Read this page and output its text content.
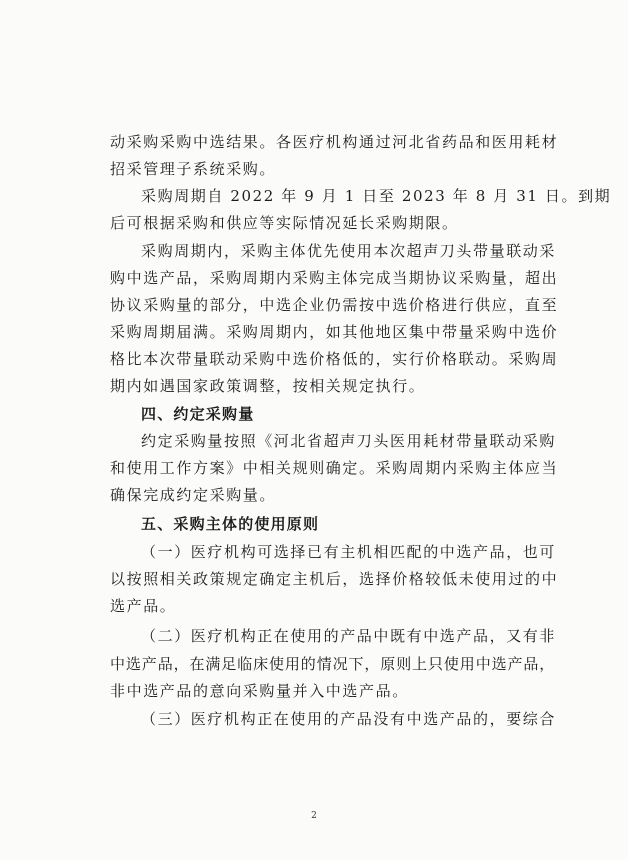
动采购采购中选结果。各医疗机构通过河北省药品和医用耗材
招采管理子系统采购。
采购周期自 2022 年 9 月 1 日至 2023 年 8 月 31 日。到期
后可根据采购和供应等实际情况延长采购期限。
采购周期内，采购主体优先使用本次超声刀头带量联动采
购中选产品，采购周期内采购主体完成当期协议采购量，超出
协议采购量的部分，中选企业仍需按中选价格进行供应，直至
采购周期届满。采购周期内，如其他地区集中带量采购中选价
格比本次带量联动采购中选价格低的，实行价格联动。采购周
期内如遇国家政策调整，按相关规定执行。
四、约定采购量
约定采购量按照《河北省超声刀头医用耗材带量联动采购
和使用工作方案》中相关规则确定。采购周期内采购主体应当
确保完成约定采购量。
五、采购主体的使用原则
（一）医疗机构可选择已有主机相匹配的中选产品，也可
以按照相关政策规定确定主机后，选择价格较低未使用过的中
选产品。
（二）医疗机构正在使用的产品中既有中选产品，又有非
中选产品，在满足临床使用的情况下，原则上只使用中选产品，
非中选产品的意向采购量并入中选产品。
（三）医疗机构正在使用的产品没有中选产品的，要综合
2
